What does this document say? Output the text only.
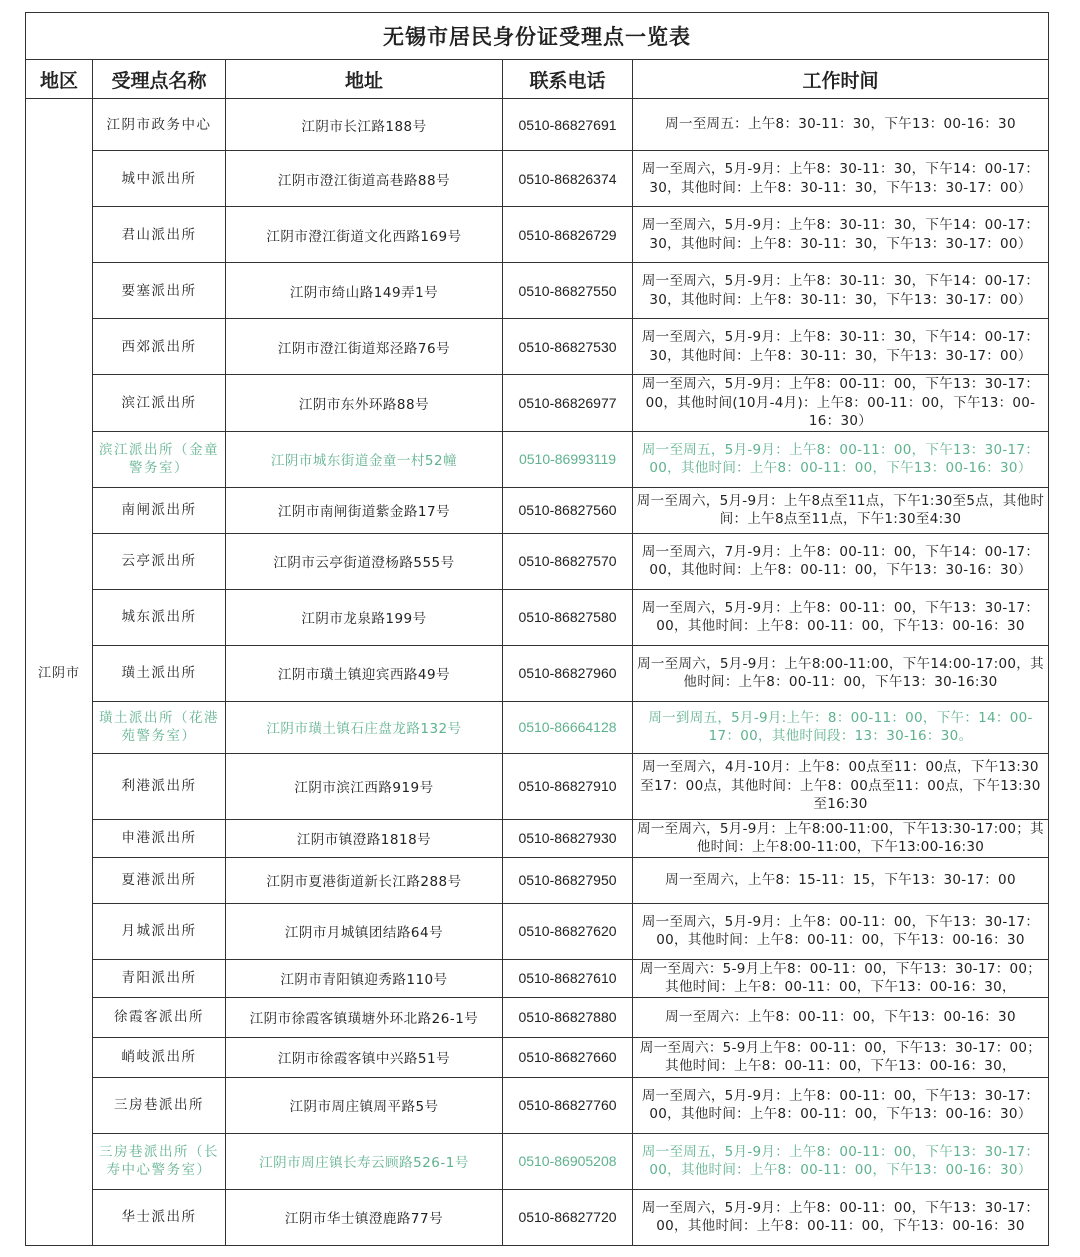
无锡市居民身份证受理点一览表				
地区	受理点名称	地址	联系电话	工作时间
江阴市	江阴市政务中心	江阴市长江路188号	0510-86827691	周一至周五：上午8：30-11：30，下午13：00-16：30
	城中派出所	江阴市澄江街道高巷路88号	0510-86826374	周一至周六，5月-9月：上午8：30-11：30，下午14：00-17：30，其他时间：上午8：30-11：30，下午13：30-17：00）
	君山派出所	江阴市澄江街道文化西路169号	0510-86826729	周一至周六，5月-9月：上午8：30-11：30，下午14：00-17：30，其他时间：上午8：30-11：30，下午13：30-17：00）
	要塞派出所	江阴市绮山路149弄1号	0510-86827550	周一至周六，5月-9月：上午8：30-11：30，下午14：00-17：30，其他时间：上午8：30-11：30，下午13：30-17：00）
	西郊派出所	江阴市澄江街道郑泾路76号	0510-86827530	周一至周六，5月-9月：上午8：30-11：30，下午14：00-17：30，其他时间：上午8：30-11：30，下午13：30-17：00）
	滨江派出所	江阴市东外环路88号	0510-86826977	周一至周六，5月-9月：上午8：00-11：00，下午13：30-17：00，其他时间(10月-4月)：上午8：00-11：00，下午13：00-16：30）
	滨江派出所（金童警务室）	江阴市城东街道金童一村52幢	0510-86993119	周一至周五，5月-9月：上午8：00-11：00，下午13：30-17：00，其他时间：上午8：00-11：00，下午13：00-16：30）
	南闸派出所	江阴市南闸街道紫金路17号	0510-86827560	周一至周六，5月-9月：上午8点至11点，下午1:30至5点，其他时间：上午8点至11点，下午1:30至4:30
	云亭派出所	江阴市云亭街道澄杨路555号	0510-86827570	周一至周六，7月-9月：上午8：00-11：00，下午14：00-17：00，其他时间：上午8：00-11：00，下午13：30-16：30）
	城东派出所	江阴市龙泉路199号	0510-86827580	周一至周六，5月-9月：上午8：00-11：00，下午13：30-17：00，其他时间：上午8：00-11：00，下午13：00-16：30
	璜土派出所	江阴市璜土镇迎宾西路49号	0510-86827960	周一至周六，5月-9月：上午8:00-11:00，下午14:00-17:00，其他时间：上午8：00-11：00，下午13：30-16:30
	璜土派出所（花港苑警务室）	江阴市璜土镇石庄盘龙路132号	0510-86664128	周一到周五，5月-9月:上午：8：00-11：00，下午：14：00-17：00，其他时间段：13：30-16：30。
	利港派出所	江阴市滨江西路919号	0510-86827910	周一至周六，4月-10月：上午8：00点至11：00点，下午13:30至17：00点，其他时间：上午8：00点至11：00点，下午13:30至16:30
	申港派出所	江阴市镇澄路1818号	0510-86827930	周一至周六，5月-9月：上午8:00-11:00，下午13:30-17:00；其他时间：上午8:00-11:00，下午13:00-16:30
	夏港派出所	江阴市夏港街道新长江路288号	0510-86827950	周一至周六，上午8：15-11：15，下午13：30-17：00
	月城派出所	江阴市月城镇团结路64号	0510-86827620	周一至周六，5月-9月：上午8：00-11：00，下午13：30-17：00，其他时间：上午8：00-11：00，下午13：00-16：30
	青阳派出所	江阴市青阳镇迎秀路110号	0510-86827610	周一至周六：5-9月上午8：00-11：00，下午13：30-17：00；其他时间：上午8：00-11：00，下午13：00-16：30，
	徐霞客派出所	江阴市徐霞客镇璜塘外环北路26-1号	0510-86827880	周一至周六：上午8：00-11：00，下午13：00-16：30
	峭岐派出所	江阴市徐霞客镇中兴路51号	0510-86827660	周一至周六：5-9月上午8：00-11：00，下午13：30-17：00；其他时间：上午8：00-11：00，下午13：00-16：30，
	三房巷派出所	江阴市周庄镇周平路5号	0510-86827760	周一至周六，5月-9月：上午8：00-11：00，下午13：30-17：00，其他时间：上午8：00-11：00，下午13：00-16：30）
	三房巷派出所（长寿中心警务室）	江阴市周庄镇长寿云顾路526-1号	0510-86905208	周一至周五，5月-9月：上午8：00-11：00，下午13：30-17：00，其他时间：上午8：00-11：00，下午13：00-16：30）
	华士派出所	江阴市华士镇澄鹿路77号	0510-86827720	周一至周六，5月-9月：上午8：00-11：00，下午13：30-17：00，其他时间：上午8：00-11：00，下午13：00-16：30
